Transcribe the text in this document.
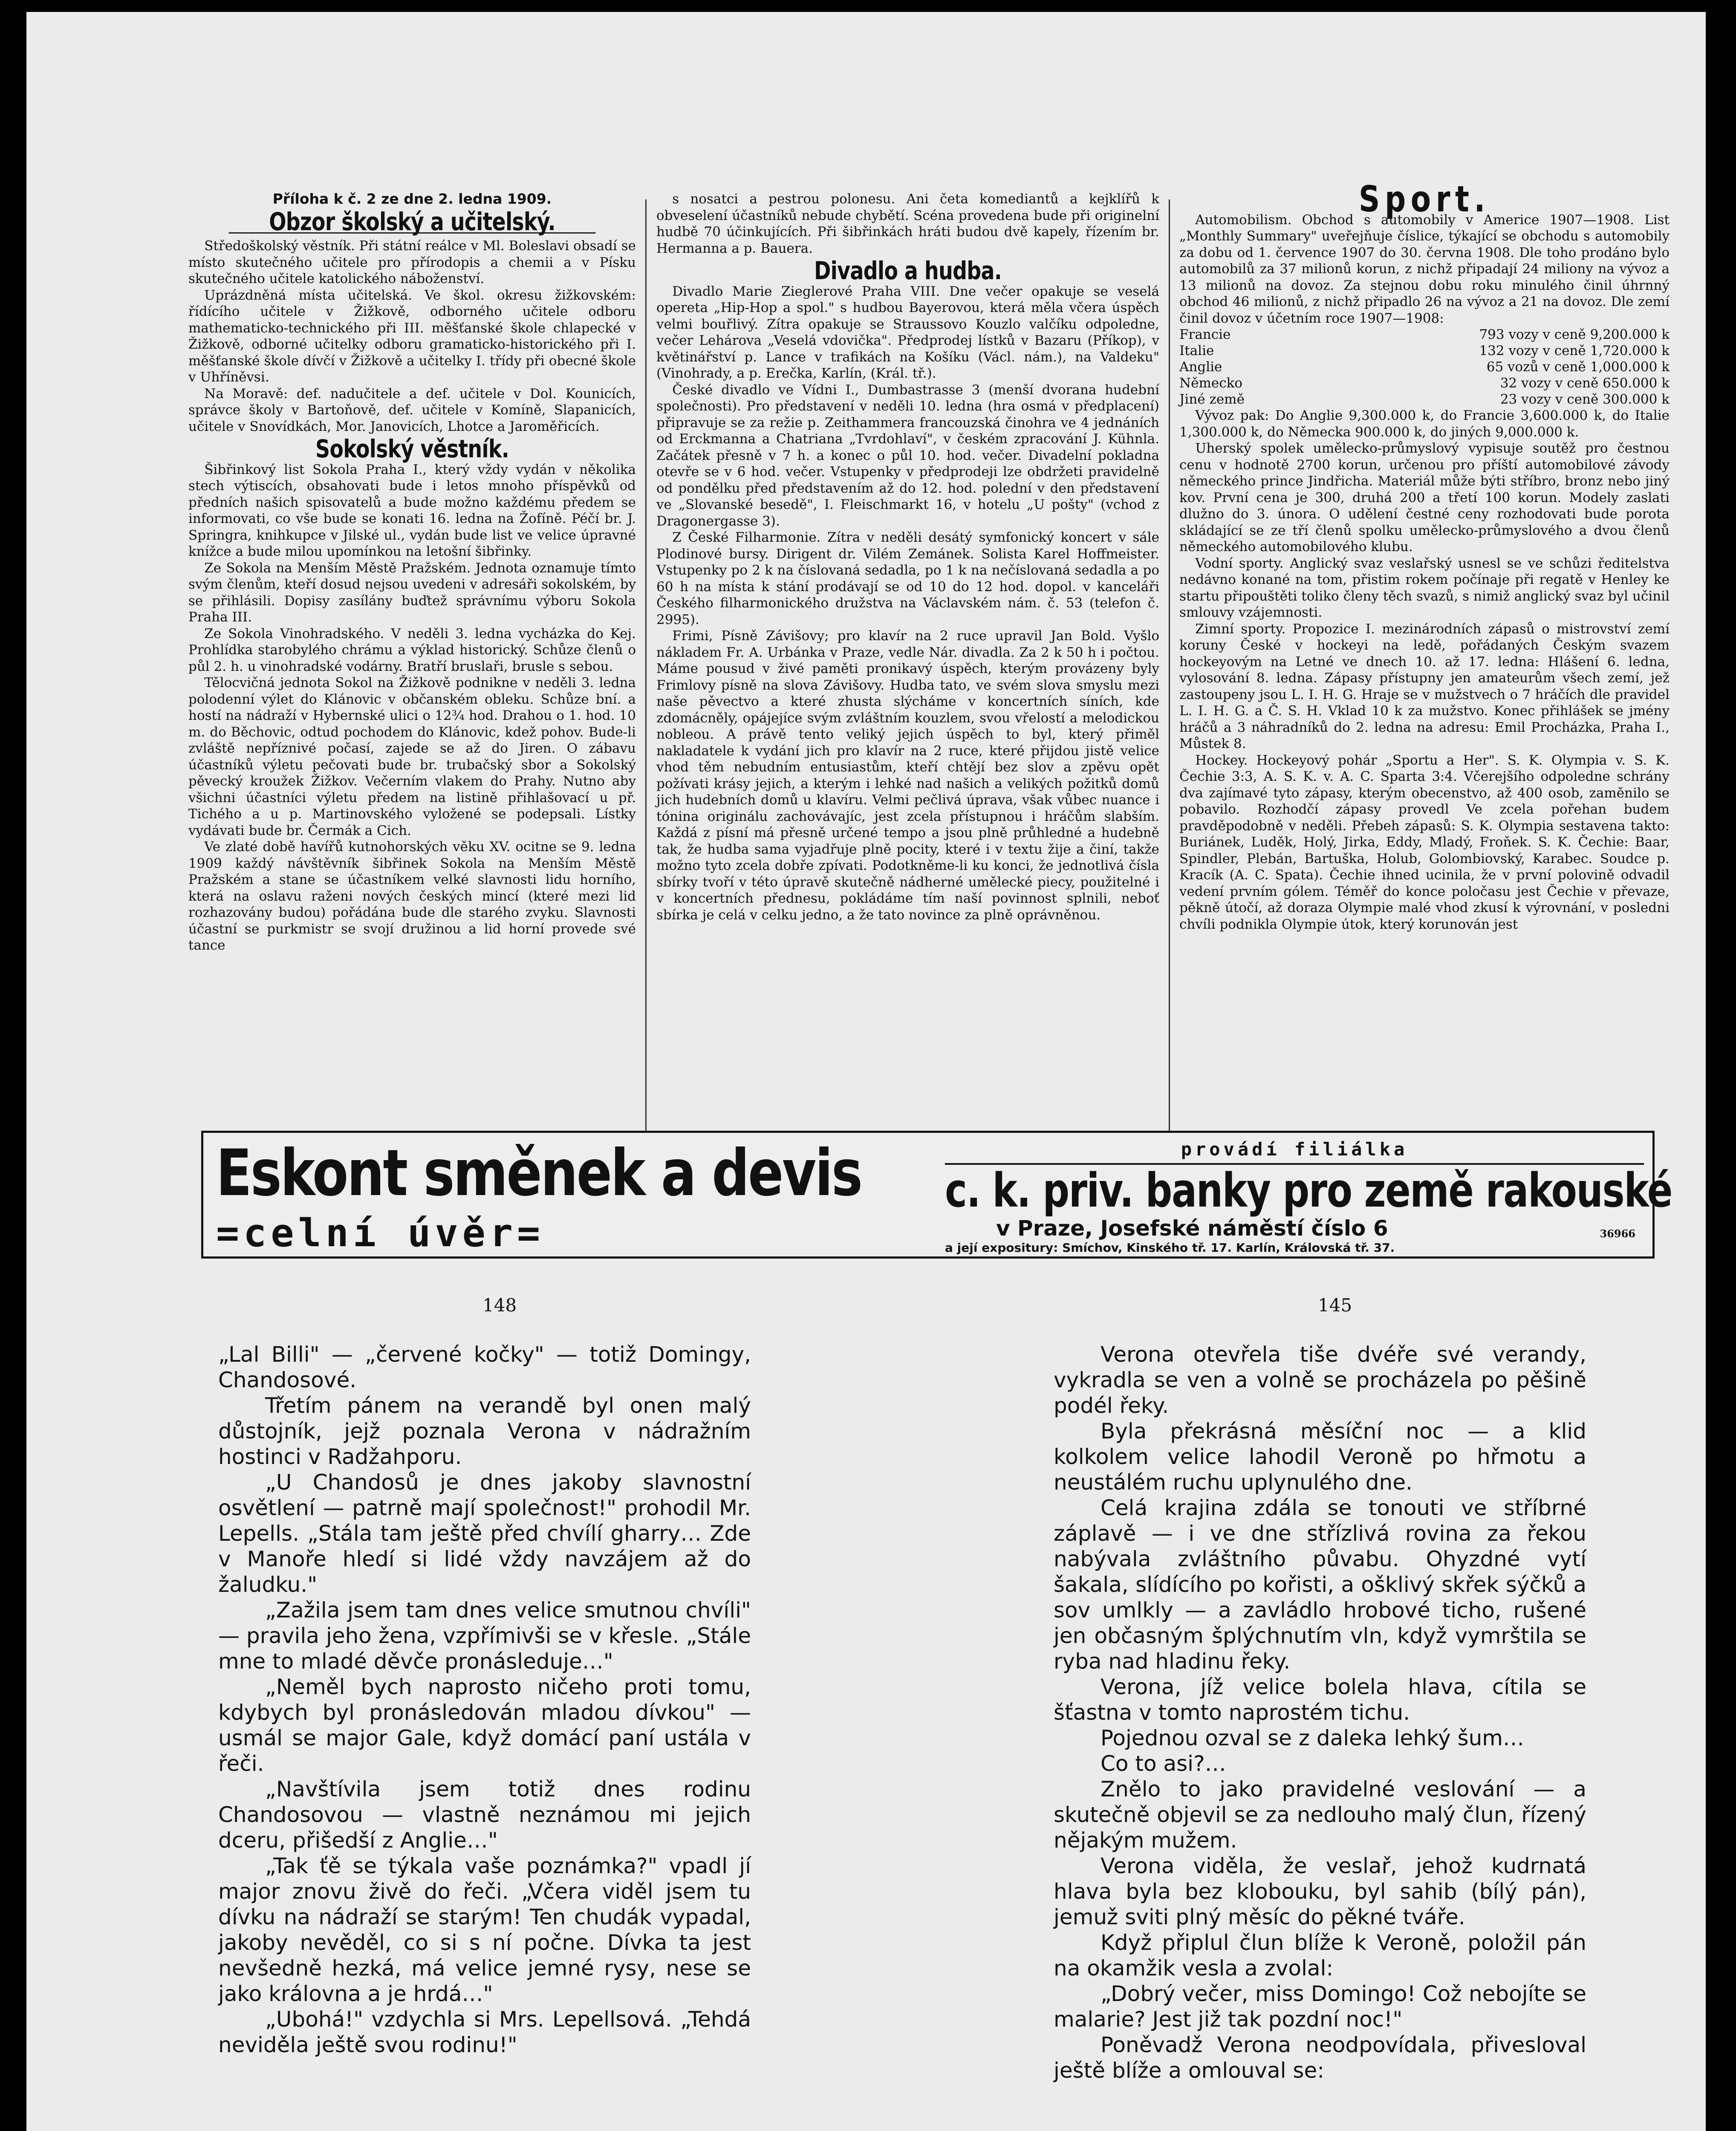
Příloha k č. 2 ze dne 2. ledna 1909.
Obzor školský a učitelský.

Středoškolský věstník. Při státní reálce v Ml. Boleslavi obsadí se místo skutečného učitele pro přírodopis a chemii a v Písku skutečného učitele katolického náboženství.

Uprázdněná místa učitelská. Ve škol. okresu žižkovském: řídícího učitele v Žižkově, odborného učitele odboru mathematicko-technického při III. měšťanské škole chlapecké v Žižkově, odborné učitelky odboru gramaticko-historického při I. měšťanské škole dívčí v Žižkově a učitelky I. třídy při obecné škole v Uhříněvsi.

Na Moravě: def. nadučitele a def. učitele v Dol. Kounicích, správce školy v Bartoňově, def. učitele v Komíně, Slapanicích, učitele v Snovídkách, Mor. Janovicích, Lhotce a Jaroměřicích.

Sokolský věstník.

Šibřinkový list Sokola Praha I., který vždy vydán v několika stech výtiscích, obsahovati bude i letos mnoho příspěvků od předních našich spisovatelů a bude možno každému předem se informovati, co vše bude se konati 16. ledna na Žofíně. Péčí br. J. Springra, knihkupce v Jilské ul., vydán bude list ve velice úpravné knížce a bude milou upomínkou na letošní šibřinky.

Ze Sokola na Menším Městě Pražském. Jednota oznamuje tímto svým členům, kteří dosud nejsou uvedeni v adresáři sokolském, by se přihlásili. Dopisy zasílány buďtež správnímu výboru Sokola Praha III.

Ze Sokola Vinohradského. V neděli 3. ledna vycházka do Kej. Prohlídka starobylého chrámu a výklad historický. Schůze členů o půl 2. h. u vinohradské vodárny. Bratří bruslaři, brusle s sebou.

Tělocvičná jednota Sokol na Žižkově podnikne v neděli 3. ledna polodenní výlet do Klánovic v občanském obleku. Schůze bní. a hostí na nádraží v Hybernské ulici o 12¾ hod. Drahou o 1. hod. 10 m. do Běchovic, odtud pochodem do Klánovic, kdež pohov. Bude-li zvláště nepříznivé počasí, zajede se až do Jiren. O zábavu účastníků výletu pečovati bude br. trubačský sbor a Sokolský pěvecký kroužek Žižkov. Večerním vlakem do Prahy. Nutno aby všichni účastníci výletu předem na listině přihlašovací u př. Tichého a u p. Martinovského vyložené se podepsali. Lístky vydávati bude br. Čermák a Cich.

Ve zlaté době havířů kutnohorských věku XV. ocitne se 9. ledna 1909 každý návštěvník šibřinek Sokola na Menším Městě Pražském a stane se účastníkem velké slavnosti lidu horního, která na oslavu raženi nových českých mincí (které mezi lid rozhazovány budou) pořádána bude dle starého zvyku. Slavnosti účastní se purkmistr se svojí družinou a lid horní provede své tance

s nosatci a pestrou polonesu. Ani četa komediantů a kejklířů k obveselení účastníků nebude chybětí. Scéna provedena bude při originelní hudbě 70 účinkujících. Při šibřinkách hráti budou dvě kapely, řízením br. Hermanna a p. Bauera.

Divadlo a hudba.

Divadlo Marie Zieglerové Praha VIII. Dne večer opakuje se veselá opereta „Hip-Hop a spol." s hudbou Bayerovou, která měla včera úspěch velmi bouřlivý. Zítra opakuje se Straussovo Kouzlo valčíku odpoledne, večer Lehárova „Veselá vdovička". Předprodej lístků v Bazaru (Příkop), v květinářství p. Lance v trafikách na Košíku (Václ. nám.), na Valdeku" (Vinohrady, a p. Erečka, Karlín, (Král. tř.).

České divadlo ve Vídni I., Dumbastrasse 3 (menší dvorana hudební společnosti). Pro představení v neděli 10. ledna (hra osmá v předplacení) připravuje se za režie p. Zeithammera francouzská činohra ve 4 jednáních od Erckmanna a Chatriana „Tvrdohlaví", v českém zpracování J. Kühnla. Začátek přesně v 7 h. a konec o půl 10. hod. večer. Divadelní pokladna otevře se v 6 hod. večer. Vstupenky v předprodeji lze obdržeti pravidelně od pondělku před představením až do 12. hod. polední v den představení ve „Slovanské besedě", I. Fleischmarkt 16, v hotelu „U pošty" (vchod z Dragonergasse 3).

Z České Filharmonie. Zítra v neděli desátý symfonický koncert v sále Plodinové bursy. Dirigent dr. Vilém Zemánek. Solista Karel Hoffmeister. Vstupenky po 2 k na číslovaná sedadla, po 1 k na nečíslovaná sedadla a po 60 h na místa k stání prodávají se od 10 do 12 hod. dopol. v kanceláři Českého filharmonického družstva na Václavském nám. č. 53 (telefon č. 2995).

Frimi, Písně Závišovy; pro klavír na 2 ruce upravil Jan Bold. Vyšlo nákladem Fr. A. Urbánka v Praze, vedle Nár. divadla. Za 2 k 50 h i počtou. Máme pousud v živé paměti pronikavý úspěch, kterým provázeny byly Frimlovy písně na slova Závišovy. Hudba tato, ve svém slova smyslu mezi naše pěvectvo a které zhusta slýcháme v koncertních síních, kde zdomácněly, opájejíce svým zvláštním kouzlem, svou vřelostí a melodickou nobleou. A právě tento veliký jejich úspěch to byl, který přiměl nakladatele k vydání jich pro klavír na 2 ruce, které přijdou jistě velice vhod těm nebudním entusiastům, kteří chtějí bez slov a zpěvu opět požívati krásy jejich, a kterým i lehké nad našich a velikých požitků domů jich hudebních domů u klavíru. Velmi pečlivá úprava, však vůbec nuance i tónina originálu zachovávajíc, jest zcela přístupnou i hráčům slabším. Každá z písní má přesně určené tempo a jsou plně průhledné a hudebně tak, že hudba sama vyjadřuje plně pocity, které i v textu žije a činí, takže možno tyto zcela dobře zpívati. Podotkněme-li ku konci, že jednotlivá čísla sbírky tvoří v této úpravě skutečně nádherné umělecké piecy, použitelné i v koncertních přednesu, pokládáme tím naší povinnost splnili, neboť sbírka je celá v celku jedno, a že tato novince za plně oprávněnou.

Sport.

Automobilism. Obchod s automobily v Americe 1907—1908. List „Monthly Summary" uveřejňuje číslice, týkající se obchodu s automobily za dobu od 1. července 1907 do 30. června 1908. Dle toho prodáno bylo automobilů za 37 milionů korun, z nichž připadají 24 miliony na vývoz a 13 milionů na dovoz. Za stejnou dobu roku minulého činil úhrnný obchod 46 milionů, z nichž připadlo 26 na vývoz a 21 na dovoz. Dle zemí činil dovoz v účetním roce 1907—1908:

Francie	793 vozy v ceně 9,200.000 k
Italie	132 vozy v ceně 1,720.000 k
Anglie	65 vozů v ceně 1,000.000 k
Německo	32 vozy v ceně 650.000 k
Jiné země	23 vozy v ceně 300.000 k

Vývoz pak: Do Anglie 9,300.000 k, do Francie 3,600.000 k, do Italie 1,300.000 k, do Německa 900.000 k, do jiných 9,000.000 k.

Uherský spolek umělecko-průmyslový vypisuje soutěž pro čestnou cenu v hodnotě 2700 korun, určenou pro příští automobilové závody německého prince Jindřicha. Materiál může býti stříbro, bronz nebo jiný kov. První cena je 300, druhá 200 a třetí 100 korun. Modely zaslati dlužno do 3. února. O udělení čestné ceny rozhodovati bude porota skládající se ze tří členů spolku umělecko-průmyslového a dvou členů německého automobilového klubu.

Vodní sporty. Anglický svaz veslařský usnesl se ve schůzi ředitelstva nedávno konané na tom, přistim rokem počínaje při regatě v Henley ke startu připouštěti toliko členy těch svazů, s nimiž anglický svaz byl učinil smlouvy vzájemnosti.

Zimní sporty. Propozice I. mezinárodních zápasů o mistrovství zemí koruny České v hockeyi na ledě, pořádaných Českým svazem hockeyovým na Letné ve dnech 10. až 17. ledna: Hlášení 6. ledna, vylosování 8. ledna. Zápasy přístupny jen amateurům všech zemí, jež zastoupeny jsou L. I. H. G. Hraje se v mužstvech o 7 hráčích dle pravidel L. I. H. G. a Č. S. H. Vklad 10 k za mužstvo. Konec přihlášek se jmény hráčů a 3 náhradníků do 2. ledna na adresu: Emil Procházka, Praha I., Můstek 8.

Hockey. Hockeyový pohár „Sportu a Her". S. K. Olympia v. S. K. Čechie 3:3, A. S. K. v. A. C. Sparta 3:4. Včerejšího odpoledne schrány dva zajímavé tyto zápasy, kterým obecenstvo, až 400 osob, zaměnilo se pobavilo. Rozhodčí zápasy provedl Ve zcela pořehan budem pravděpodobně v neděli. Přebeh zápasů: S. K. Olympia sestavena takto: Buriánek, Luděk, Holý, Jirka, Eddy, Mladý, Froňek. S. K. Čechie: Baar, Spindler, Plebán, Bartuška, Holub, Golombiovský, Karabec. Soudce p. Kracík (A. C. Spata). Čechie ihned ucinila, že v první polovině odvadil vedení prvním gólem. Téměř do konce poločasu jest Čechie v převaze, pěkně útočí, až doraza Olympie malé vhod zkusí k výrovnání, v posledni chvíli podnikla Olympie útok, který korunován jest

Eskont směnek a devis
=celní úvěr=
provádí filiálka
c. k. priv. banky pro země rakouské
v Praze, Josefské náměstí číslo 6
a její expositury: Smíchov, Kinského tř. 17. Karlín, Královská tř. 37.
36966
148	145

„Lal Billi" — „červené kočky" — totiž Domingy, Chandosové.

Třetím pánem na verandě byl onen malý důstojník, jejž poznala Verona v nádražním hostinci v Radžahporu.

„U Chandosů je dnes jakoby slavnostní osvětlení — patrně mají společnost!" prohodil Mr. Lepells. „Stála tam ještě před chvílí gharry… Zde v Manoře hledí si lidé vždy navzájem až do žaludku."

„Zažila jsem tam dnes velice smutnou chvíli" — pravila jeho žena, vzpřímivši se v křesle. „Stále mne to mladé děvče pronásleduje…"

„Neměl bych naprosto ničeho proti tomu, kdybych byl pronásledován mladou dívkou" — usmál se major Gale, když domácí paní ustála v řeči.

„Navštívila jsem totiž dnes rodinu Chandosovou — vlastně neznámou mi jejich dceru, přišedší z Anglie…"

„Tak ťě se týkala vaše poznámka?" vpadl jí major znovu živě do řeči. „Včera viděl jsem tu dívku na nádraží se starým! Ten chudák vypadal, jakoby nevěděl, co si s ní počne. Dívka ta jest nevšedně hezká, má velice jemné rysy, nese se jako královna a je hrdá…"

„Ubohá!" vzdychla si Mrs. Lepellsová. „Tehdá neviděla ještě svou rodinu!"

Verona otevřela tiše dvéře své verandy, vykradla se ven a volně se procházela po pěšině podél řeky.

Byla překrásná měsíční noc — a klid kolkolem velice lahodil Veroně po hřmotu a neustálém ruchu uplynulého dne.

Celá krajina zdála se tonouti ve stříbrné záplavě — i ve dne střízlivá rovina za řekou nabývala zvláštního půvabu. Ohyzdné vytí šakala, slídícího po kořisti, a ošklivý skřek sýčků a sov umlkly — a zavládlo hrobové ticho, rušené jen občasným šplýchnutím vln, když vymrštila se ryba nad hladinu řeky.

Verona, jíž velice bolela hlava, cítila se šťastna v tomto naprostém tichu.

Pojednou ozval se z daleka lehký šum…

Co to asi?…

Znělo to jako pravidelné veslování — a skutečně objevil se za nedlouho malý člun, řízený nějakým mužem.

Verona viděla, že veslař, jehož kudrnatá hlava byla bez klobouku, byl sahib (bílý pán), jemuž sviti plný měsíc do pěkné tváře.

Když připlul člun blíže k Veroně, položil pán na okamžik vesla a zvolal:

„Dobrý večer, miss Domingo! Což nebojíte se malarie? Jest již tak pozdní noc!"

Poněvadž Verona neodpovídala, přivesloval ještě blíže a omlouval se:
